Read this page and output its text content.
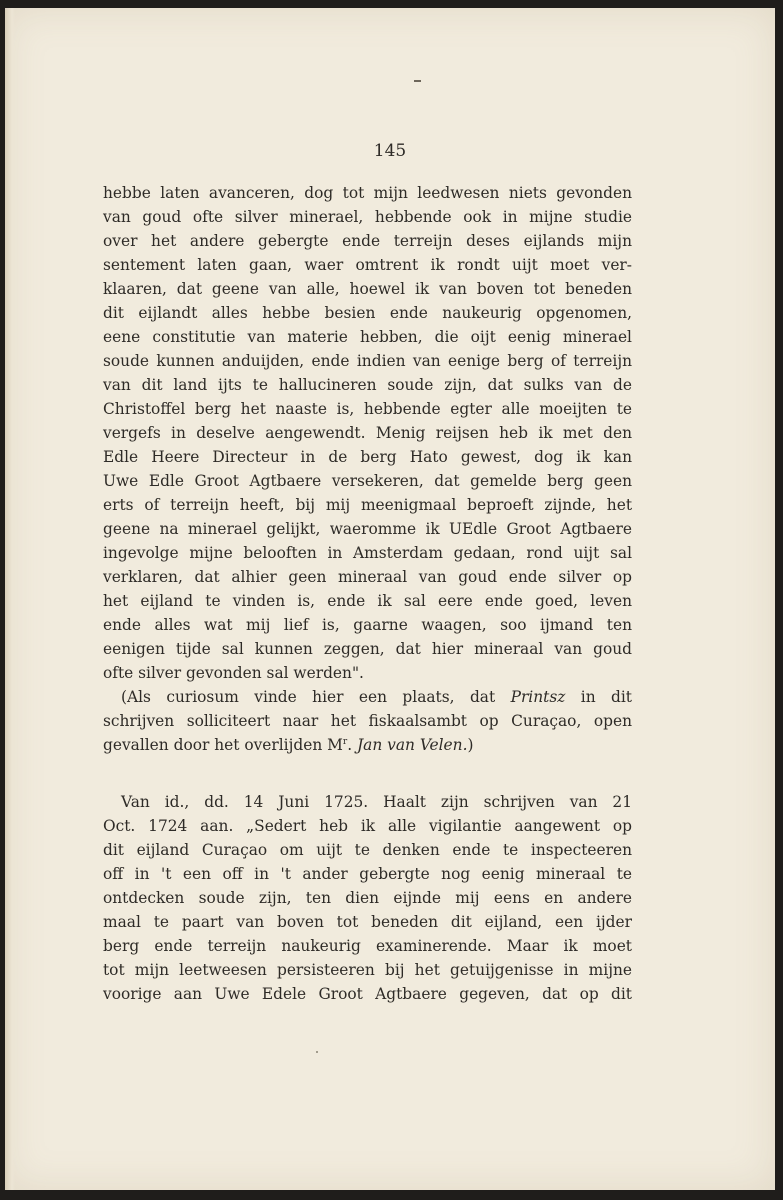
145
hebbe laten avanceren, dog tot mijn leedwesen niets gevonden
van goud ofte silver minerael, hebbende ook in mijne studie
over het andere gebergte ende terreijn deses eijlands mijn
sentement laten gaan, waer omtrent ik rondt uijt moet ver-
klaaren, dat geene van alle, hoewel ik van boven tot beneden
dit eijlandt alles hebbe besien ende naukeurig opgenomen,
eene constitutie van materie hebben, die oijt eenig minerael
soude kunnen anduijden, ende indien van eenige berg of terreijn
van dit land ijts te hallucineren soude zijn, dat sulks van de
Christoffel berg het naaste is, hebbende egter alle moeijten te
vergefs in deselve aengewendt. Menig reijsen heb ik met den
Edle Heere Directeur in de berg Hato gewest, dog ik kan
Uwe Edle Groot Agtbaere versekeren, dat gemelde berg geen
erts of terreijn heeft, bij mij meenigmaal beproeft zijnde, het
geene na minerael gelijkt, waeromme ik UEdle Groot Agtbaere
ingevolge mijne belooften in Amsterdam gedaan, rond uijt sal
verklaren, dat alhier geen mineraal van goud ende silver op
het eijland te vinden is, ende ik sal eere ende goed, leven
ende alles wat mij lief is, gaarne waagen, soo ijmand ten
eenigen tijde sal kunnen zeggen, dat hier mineraal van goud
ofte silver gevonden sal werden".
(Als curiosum vinde hier een plaats, dat Printsz in dit
schrijven solliciteert naar het fiskaalsambt op Curaçao, open
gevallen door het overlijden $M^r$. Jan van Velen.)
Van id., dd. 14 Juni 1725. Haalt zijn schrijven van 21
Oct. 1724 aan. „Sedert heb ik alle vigilantie aangewent op
dit eijland Curaçao om uijt te denken ende te inspecteeren
off in 't een off in 't ander gebergte nog eenig mineraal te
ontdecken soude zijn, ten dien eijnde mij eens en andere
maal te paart van boven tot beneden dit eijland, een ijder
berg ende terreijn naukeurig examinerende. Maar ik moet
tot mijn leetweesen persisteeren bij het getuijgenisse in mijne
voorige aan Uwe Edele Groot Agtbaere gegeven, dat op dit
